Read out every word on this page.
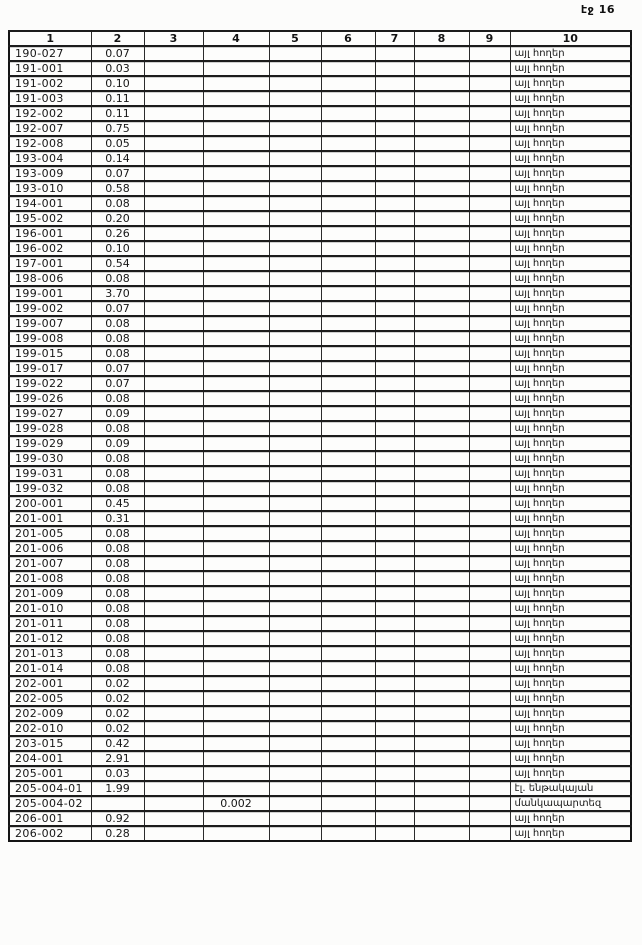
էջ 16
1	2	3	4	5	6	7	8	9	10
190-027	0.07								այլ հողեր
191-001	0.03								այլ հողեր
191-002	0.10								այլ հողեր
191-003	0.11								այլ հողեր
192-002	0.11								այլ հողեր
192-007	0.75								այլ հողեր
192-008	0.05								այլ հողեր
193-004	0.14								այլ հողեր
193-009	0.07								այլ հողեր
193-010	0.58								այլ հողեր
194-001	0.08								այլ հողեր
195-002	0.20								այլ հողեր
196-001	0.26								այլ հողեր
196-002	0.10								այլ հողեր
197-001	0.54								այլ հողեր
198-006	0.08								այլ հողեր
199-001	3.70								այլ հողեր
199-002	0.07								այլ հողեր
199-007	0.08								այլ հողեր
199-008	0.08								այլ հողեր
199-015	0.08								այլ հողեր
199-017	0.07								այլ հողեր
199-022	0.07								այլ հողեր
199-026	0.08								այլ հողեր
199-027	0.09								այլ հողեր
199-028	0.08								այլ հողեր
199-029	0.09								այլ հողեր
199-030	0.08								այլ հողեր
199-031	0.08								այլ հողեր
199-032	0.08								այլ հողեր
200-001	0.45								այլ հողեր
201-001	0.31								այլ հողեր
201-005	0.08								այլ հողեր
201-006	0.08								այլ հողեր
201-007	0.08								այլ հողեր
201-008	0.08								այլ հողեր
201-009	0.08								այլ հողեր
201-010	0.08								այլ հողեր
201-011	0.08								այլ հողեր
201-012	0.08								այլ հողեր
201-013	0.08								այլ հողեր
201-014	0.08								այլ հողեր
202-001	0.02								այլ հողեր
202-005	0.02								այլ հողեր
202-009	0.02								այլ հողեր
202-010	0.02								այլ հողեր
203-015	0.42								այլ հողեր
204-001	2.91								այլ հողեր
205-001	0.03								այլ հողեր
205-004-01	1.99								էլ. ենթակայան
205-004-02			0.002						մանկապարտեզ
206-001	0.92								այլ հողեր
206-002	0.28								այլ հողեր
